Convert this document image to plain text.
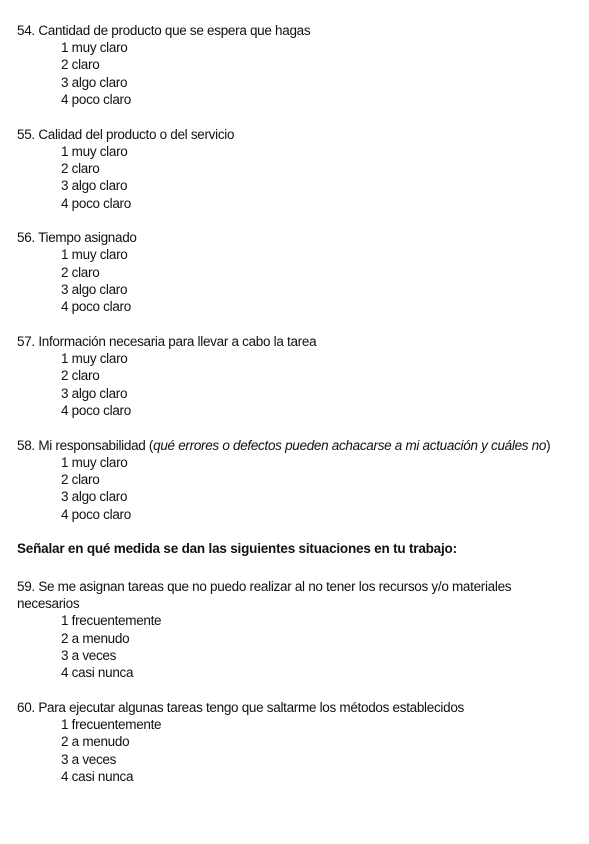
54. Cantidad de producto que se espera que hagas
1 muy claro
2 claro
3 algo claro
4 poco claro
55. Calidad del producto o del servicio
1 muy claro
2 claro
3 algo claro
4 poco claro
56. Tiempo asignado
1 muy claro
2 claro
3 algo claro
4 poco claro
57. Información necesaria para llevar a cabo la tarea
1 muy claro
2 claro
3 algo claro
4 poco claro
58. Mi responsabilidad (qué errores o defectos pueden achacarse a mi actuación y cuáles no)
1 muy claro
2 claro
3 algo claro
4 poco claro
Señalar en qué medida se dan las siguientes situaciones en tu trabajo:
59. Se me asignan tareas que no puedo realizar al no tener los recursos y/o materiales necesarios
1 frecuentemente
2 a menudo
3 a veces
4 casi nunca
60. Para ejecutar algunas tareas tengo que saltarme los métodos establecidos
1 frecuentemente
2 a menudo
3 a veces
4 casi nunca
